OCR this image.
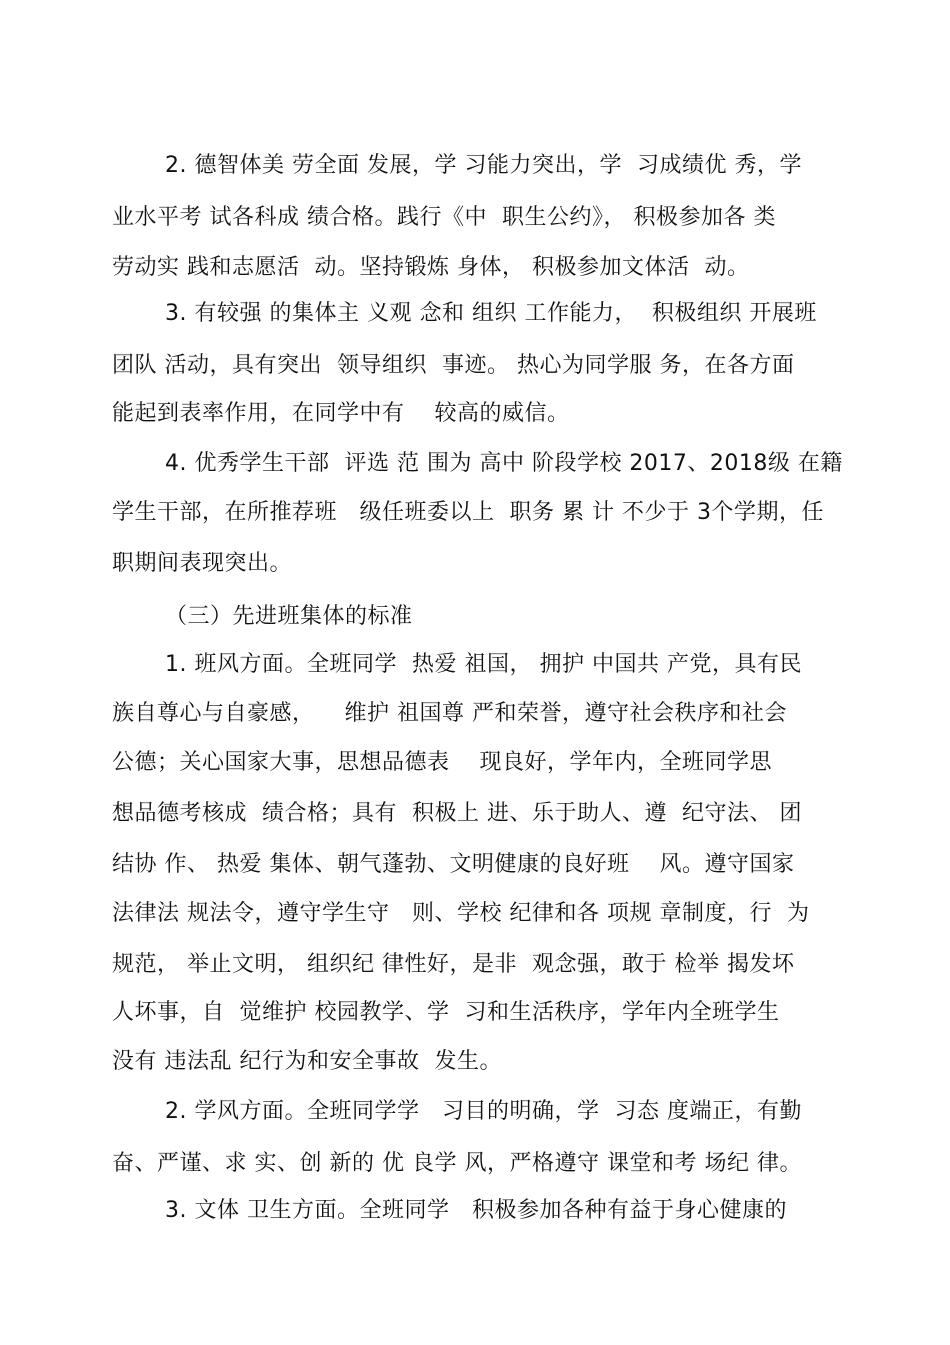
2. 德智体美 劳全面 发展，学 习能力突出，学  习成绩优 秀，学
业水平考 试各科成 绩合格。践行《中  职生公约》， 积极参加各 类
劳动实 践和志愿活  动。坚持锻炼 身体， 积极参加文体活  动。
3. 有较强 的集体主 义观 念和 组织 工作能力，  积极组织 开展班
团队 活动，具有突出  领导组织  事迹。 热心为同学服 务，在各方面
能起到表率作用，在同学中有    较高的威信。
4. 优秀学生干部  评选 范 围为 高中 阶段学校 2017、2018级 在籍
学生干部，在所推荐班   级任班委以上  职务 累 计 不少于 3个学期，任
职期间表现突出。
（三）先进班集体的标准
1. 班风方面。全班同学  热爱 祖国， 拥护 中国共 产党，具有民
族自尊心与自豪感，    维护 祖国尊 严和荣誉，遵守社会秩序和社会
公德；关心国家大事，思想品德表    现良好，学年内，全班同学思
想品德考核成  绩合格；具有  积极上 进、乐于助人、遵  纪守法、 团
结协 作、 热爱 集体、朝气蓬勃、文明健康的良好班    风。遵守国家
法律法 规法令，遵守学生守   则、学校 纪律和各 项规 章制度，行  为
规范， 举止文明， 组织纪 律性好，是非  观念强，敢于 检举 揭发坏
人坏事，自  觉维护 校园教学、学  习和生活秩序，学年内全班学生
没有 违法乱 纪行为和安全事故  发生。
2. 学风方面。全班同学学   习目的明确，学  习态 度端正，有勤
奋、严谨、求 实、创 新的 优 良学 风，严格遵守 课堂和考 场纪 律。
3. 文体 卫生方面。全班同学   积极参加各种有益于身心健康的
